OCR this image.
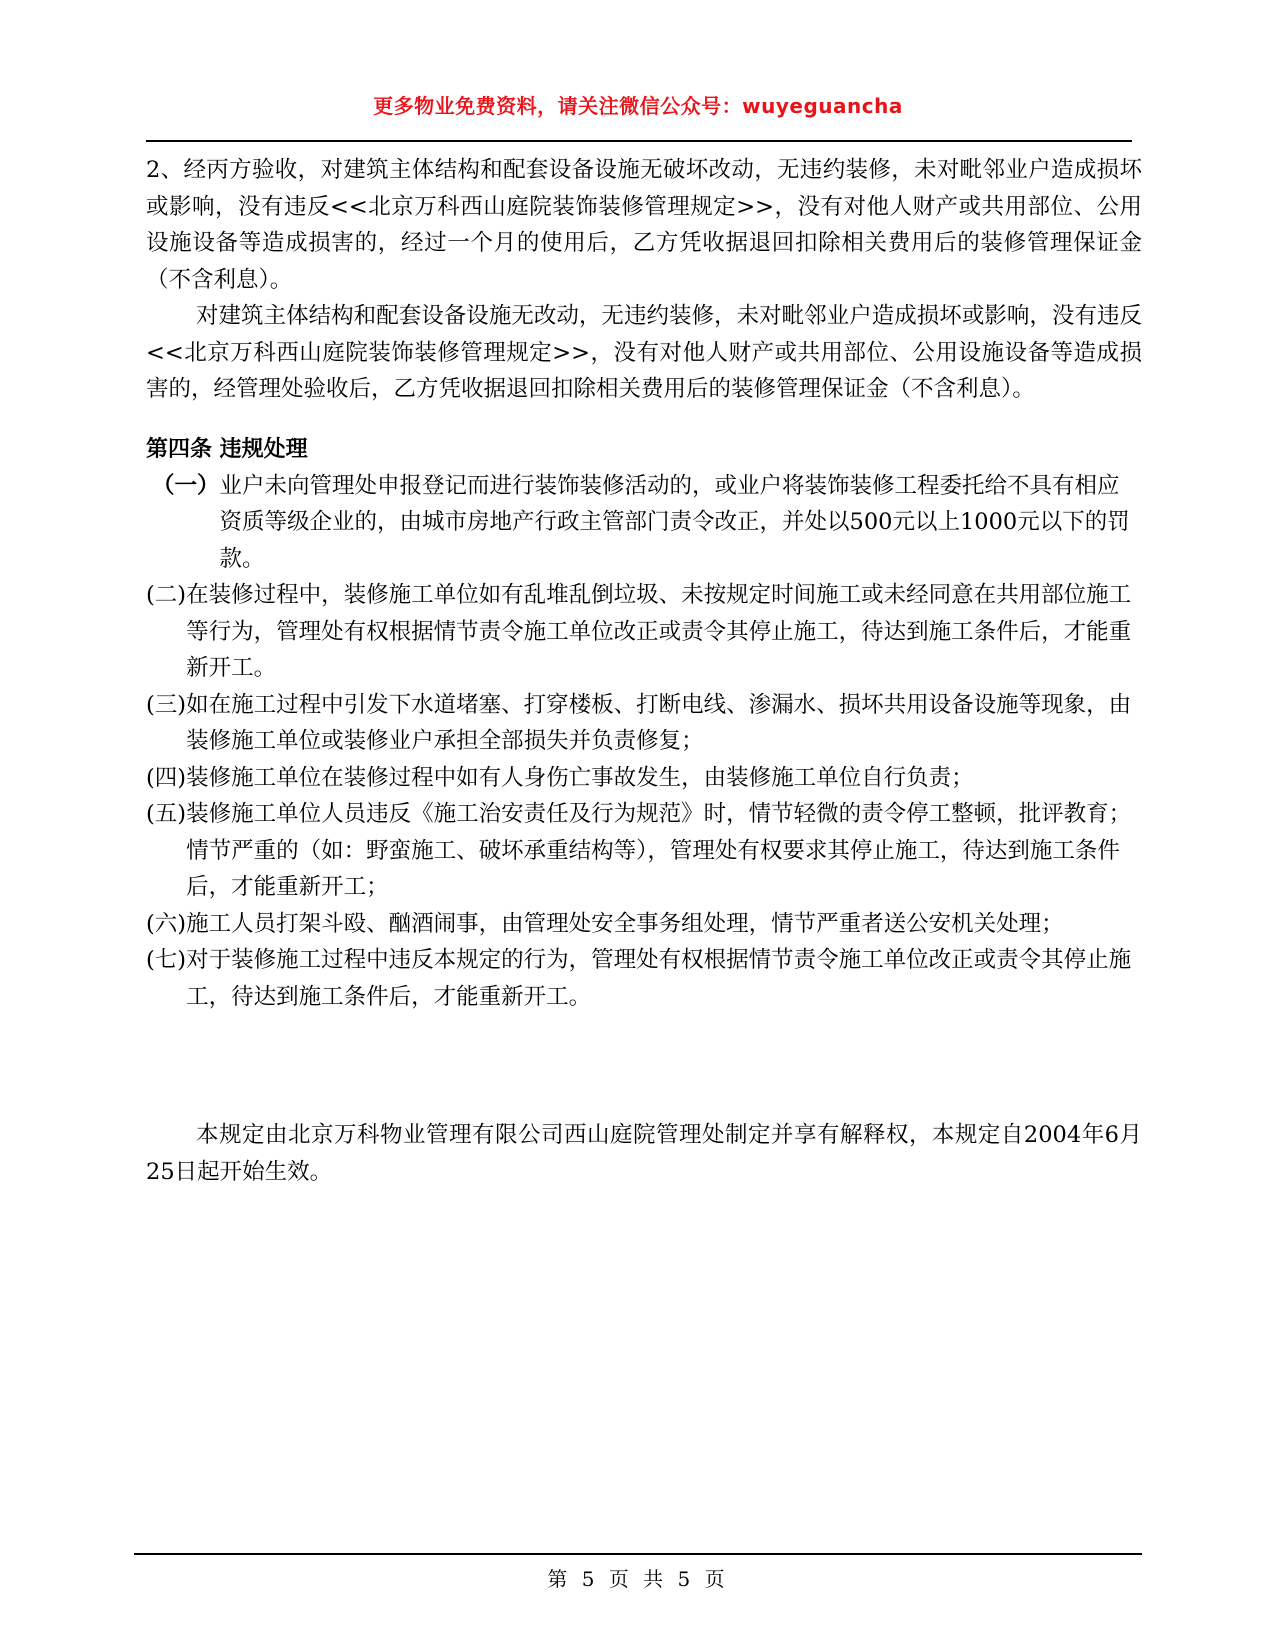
更多物业免费资料，请关注微信公众号：wuyeguancha

2、经丙方验收，对建筑主体结构和配套设备设施无破坏改动，无违约装修，未对毗邻业户造成损坏或影响，没有违反<<北京万科西山庭院装饰装修管理规定>>，没有对他人财产或共用部位、公用设施设备等造成损害的，经过一个月的使用后，乙方凭收据退回扣除相关费用后的装修管理保证金（不含利息）。

对建筑主体结构和配套设备设施无改动，无违约装修，未对毗邻业户造成损坏或影响，没有违反<<北京万科西山庭院装饰装修管理规定>>，没有对他人财产或共用部位、公用设施设备等造成损害的，经管理处验收后，乙方凭收据退回扣除相关费用后的装修管理保证金（不含利息）。

第四条 违规处理

（一） 业户未向管理处申报登记而进行装饰装修活动的，或业户将装饰装修工程委托给不具有相应资质等级企业的，由城市房地产行政主管部门责令改正，并处以500元以上1000元以下的罚款。
(二) 在装修过程中，装修施工单位如有乱堆乱倒垃圾、未按规定时间施工或未经同意在共用部位施工等行为，管理处有权根据情节责令施工单位改正或责令其停止施工，待达到施工条件后，才能重新开工。
(三) 如在施工过程中引发下水道堵塞、打穿楼板、打断电线、渗漏水、损坏共用设备设施等现象，由装修施工单位或装修业户承担全部损失并负责修复；
(四) 装修施工单位在装修过程中如有人身伤亡事故发生，由装修施工单位自行负责；
(五) 装修施工单位人员违反《施工治安责任及行为规范》时，情节轻微的责令停工整顿，批评教育；情节严重的（如：野蛮施工、破坏承重结构等），管理处有权要求其停止施工，待达到施工条件后，才能重新开工；
(六) 施工人员打架斗殴、酗酒闹事，由管理处安全事务组处理，情节严重者送公安机关处理；
(七) 对于装修施工过程中违反本规定的行为，管理处有权根据情节责令施工单位改正或责令其停止施工，待达到施工条件后，才能重新开工。

本规定由北京万科物业管理有限公司西山庭院管理处制定并享有解释权，本规定自2004年6月25日起开始生效。

第 5 页 共 5 页
